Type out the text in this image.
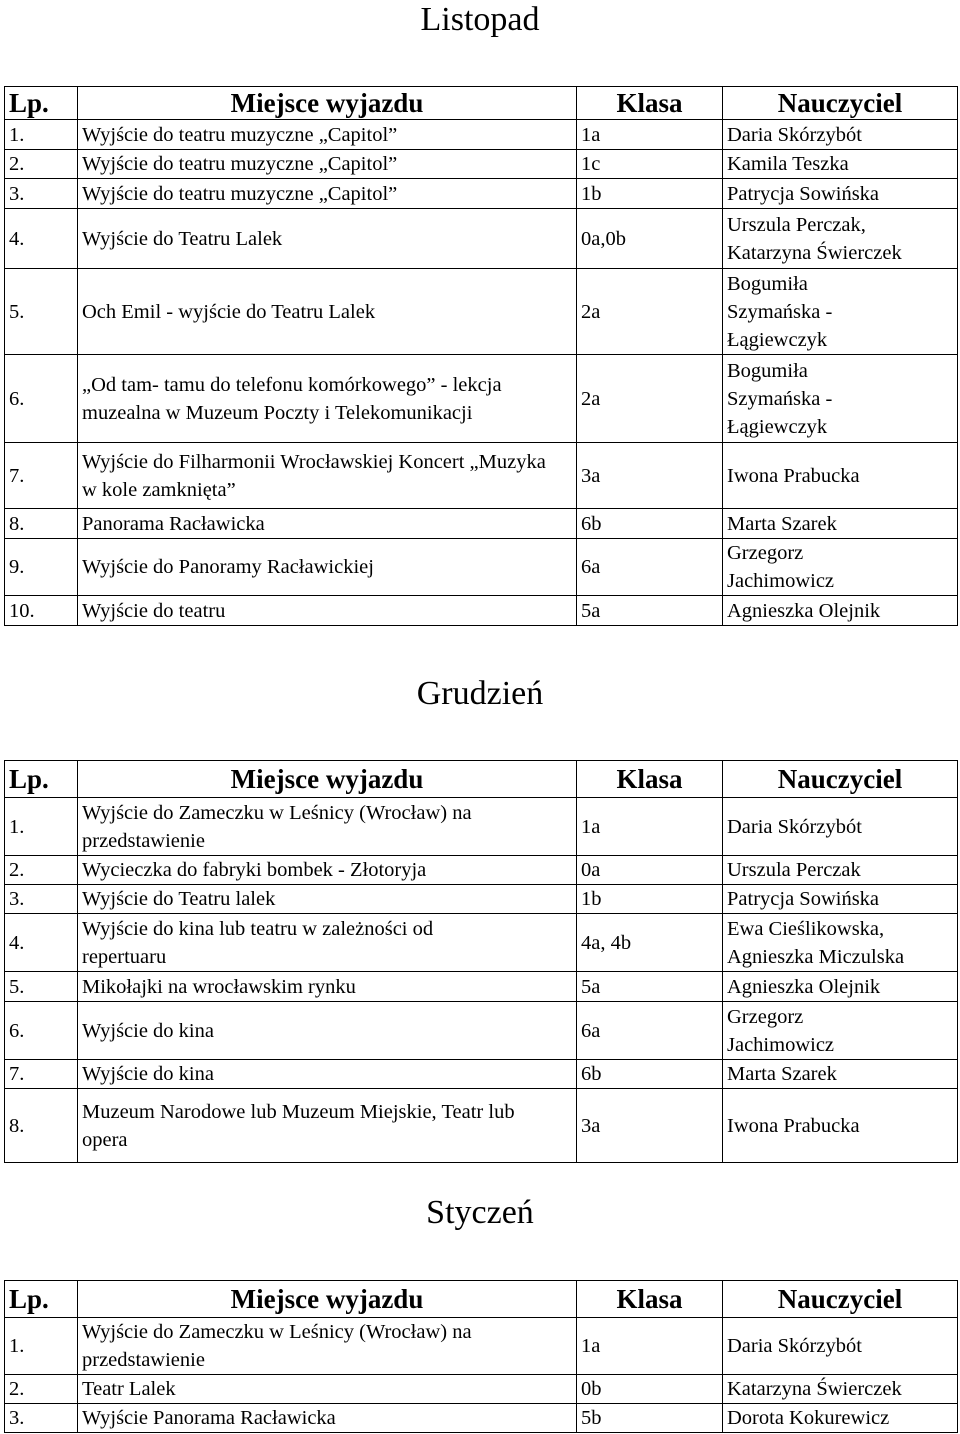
Listopad
Lp.	Miejsce wyjazdu	Klasa	Nauczyciel
1.	Wyjście do teatru muzyczne „Capitol”	1a	Daria Skórzybót
2.	Wyjście do teatru muzyczne „Capitol”	1c	Kamila Teszka
3.	Wyjście do teatru muzyczne „Capitol”	1b	Patrycja Sowińska
4.	Wyjście do Teatru Lalek	0a,0b	Urszula Perczak, Katarzyna Świerczek
5.	Och Emil - wyjście do Teatru Lalek	2a	Bogumiła Szymańska - Łągiewczyk
6.	„Od tam- tamu do telefonu komórkowego” - lekcja muzealna w Muzeum Poczty i Telekomunikacji	2a	Bogumiła Szymańska - Łągiewczyk
7.	Wyjście do Filharmonii Wrocławskiej Koncert „Muzyka w kole zamknięta”	3a	Iwona Prabucka
8.	Panorama Racławicka	6b	Marta Szarek
9.	Wyjście do Panoramy Racławickiej	6a	Grzegorz Jachimowicz
10.	Wyjście do teatru	5a	Agnieszka Olejnik
Grudzień
Lp.	Miejsce wyjazdu	Klasa	Nauczyciel
1.	Wyjście do Zameczku w Leśnicy (Wrocław) na przedstawienie	1a	Daria Skórzybót
2.	Wycieczka do fabryki bombek - Złotoryja	0a	Urszula Perczak
3.	Wyjście do Teatru lalek	1b	Patrycja Sowińska
4.	Wyjście do kina lub teatru w zależności od repertuaru	4a, 4b	Ewa Cieślikowska, Agnieszka Miczulska
5.	Mikołajki na wrocławskim rynku	5a	Agnieszka Olejnik
6.	Wyjście do kina	6a	Grzegorz Jachimowicz
7.	Wyjście do kina	6b	Marta Szarek
8.	Muzeum Narodowe lub Muzeum Miejskie, Teatr lub opera	3a	Iwona Prabucka
Styczeń
Lp.	Miejsce wyjazdu	Klasa	Nauczyciel
1.	Wyjście do Zameczku w Leśnicy (Wrocław) na przedstawienie	1a	Daria Skórzybót
2.	Teatr Lalek	0b	Katarzyna Świerczek
3.	Wyjście Panorama Racławicka	5b	Dorota Kokurewicz
